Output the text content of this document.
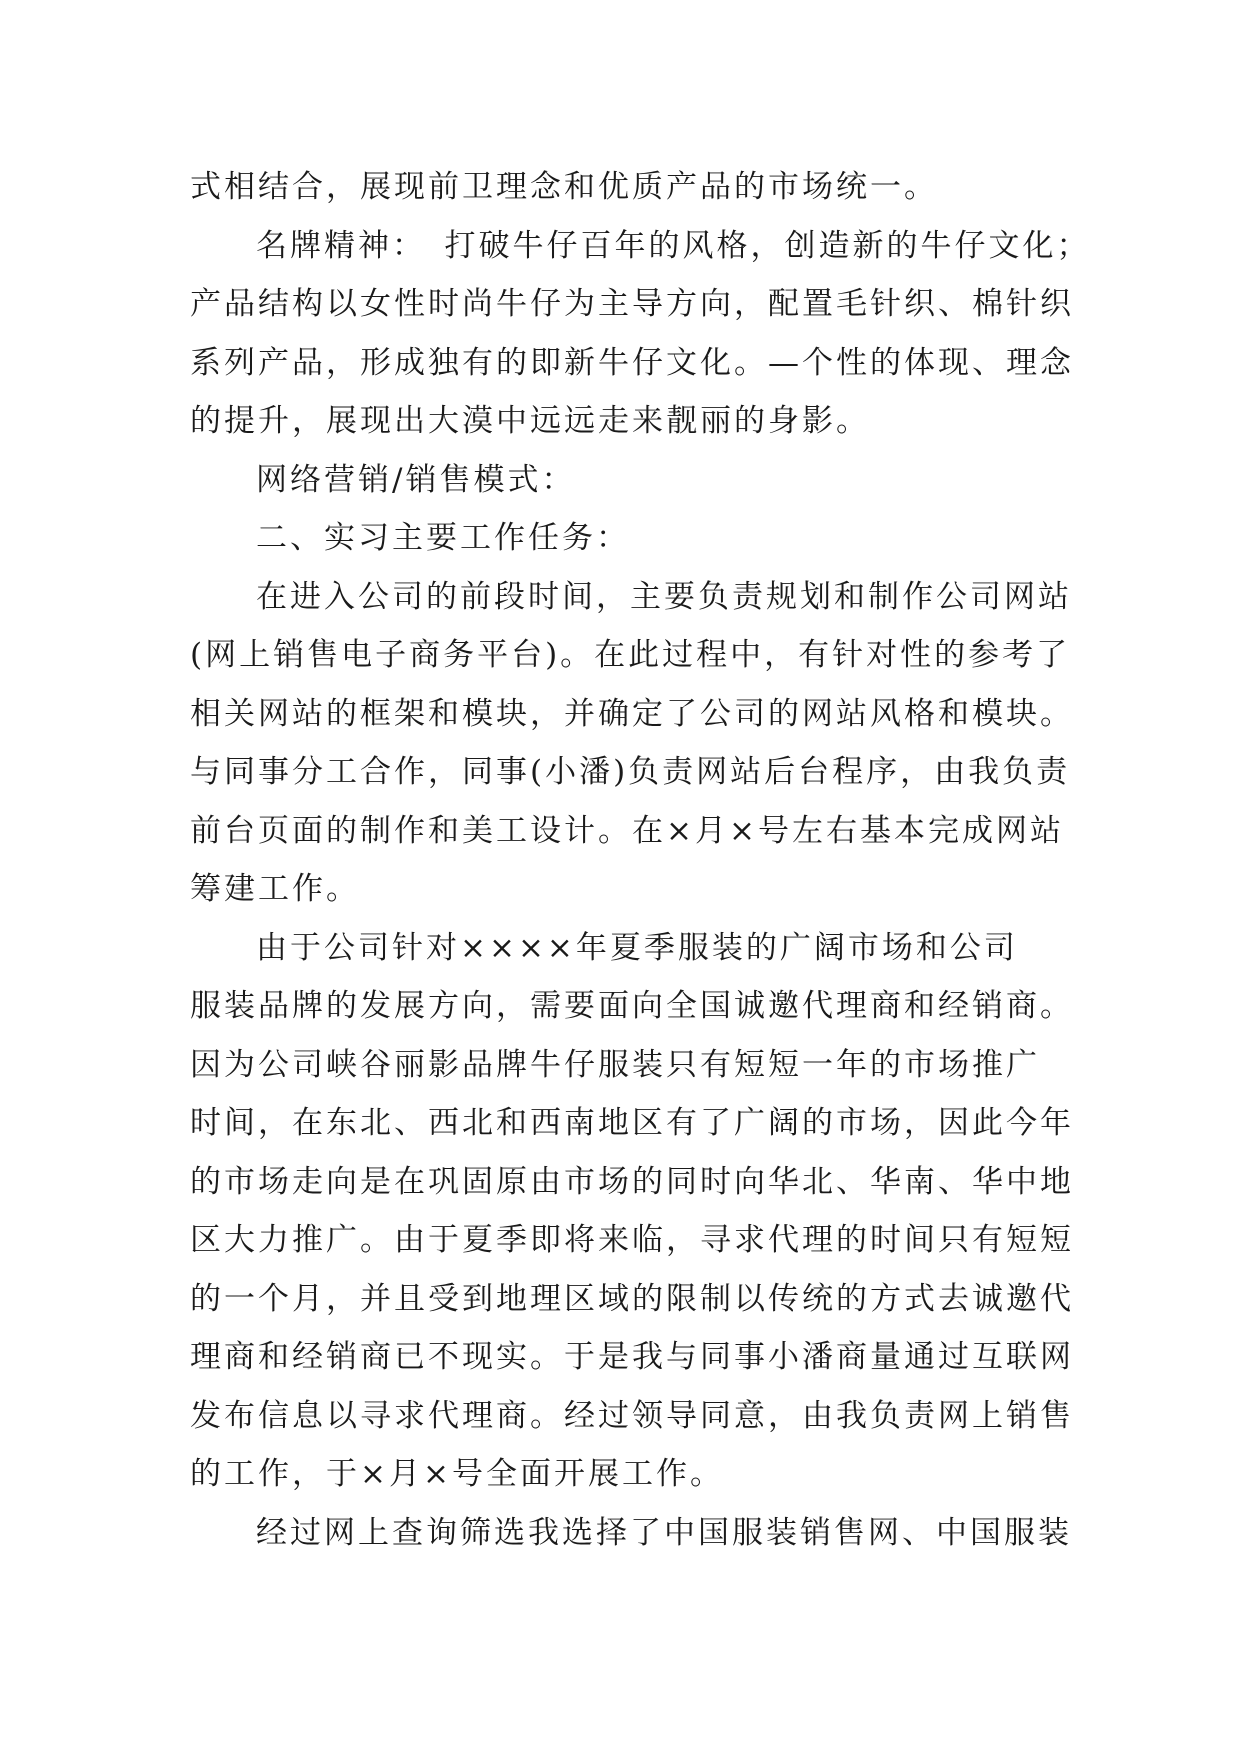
式相结合，展现前卫理念和优质产品的市场统一。
名牌精神：　打破牛仔百年的风格，创造新的牛仔文化；
产品结构以女性时尚牛仔为主导方向，配置毛针织、棉针织
系列产品，形成独有的即新牛仔文化。—个性的体现、理念
的提升，展现出大漠中远远走来靓丽的身影。
网络营销/销售模式：
二、实习主要工作任务：
在进入公司的前段时间，主要负责规划和制作公司网站
(网上销售电子商务平台)。在此过程中，有针对性的参考了
相关网站的框架和模块，并确定了公司的网站风格和模块。
与同事分工合作，同事(小潘)负责网站后台程序，由我负责
前台页面的制作和美工设计。在×月×号左右基本完成网站
筹建工作。
由于公司针对××××年夏季服装的广阔市场和公司
服装品牌的发展方向，需要面向全国诚邀代理商和经销商。
因为公司峡谷丽影品牌牛仔服装只有短短一年的市场推广
时间，在东北、西北和西南地区有了广阔的市场，因此今年
的市场走向是在巩固原由市场的同时向华北、华南、华中地
区大力推广。由于夏季即将来临，寻求代理的时间只有短短
的一个月，并且受到地理区域的限制以传统的方式去诚邀代
理商和经销商已不现实。于是我与同事小潘商量通过互联网
发布信息以寻求代理商。经过领导同意，由我负责网上销售
的工作，于×月×号全面开展工作。
经过网上查询筛选我选择了中国服装销售网、中国服装
